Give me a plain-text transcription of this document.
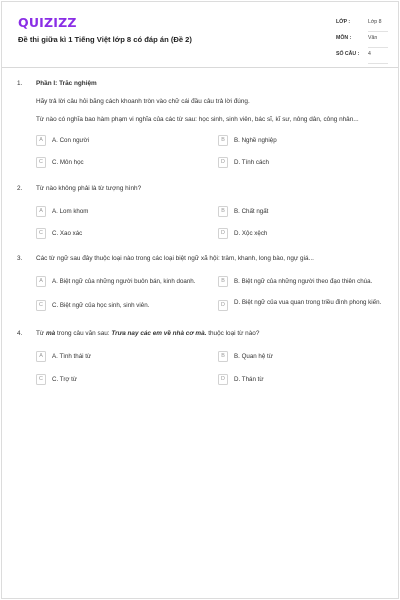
QUIZIZZ
Đề thi giữa kì 1 Tiếng Việt lớp 8 có đáp án (Đề 2)
LỚP :	Lớp 8
MÔN :	Văn
SỐ CÂU : 4
1. Phần I: Trắc nghiệm
Hãy trả lời câu hỏi bằng cách khoanh tròn vào chữ cái đầu câu trả lời đúng.
Từ nào có nghĩa bao hàm phạm vi nghĩa của các từ sau: học sinh, sinh viên, bác sĩ, kĩ sư, nông dân, công nhân...
A	A. Con người	B	B. Nghề nghiệp
C	C. Môn học	D	D. Tính cách
2. Từ nào không phải là từ tượng hình?
A	A. Lom khom	B	B. Chất ngất
C	C. Xao xác	D	D. Xộc xệch
3. Các từ ngữ sau đây thuộc loại nào trong các loại biệt ngữ xã hội: trẫm, khanh, long bào, ngự giá...
A	A. Biệt ngữ của những người buôn bán, kinh doanh.	B	B. Biệt ngữ của những người theo đạo thiên chúa.
C	C. Biệt ngữ của học sinh, sinh viên.	D	D. Biệt ngữ của vua quan trong triều đình phong kiến.
4. Từ mà trong câu văn sau: Trưa nay các em về nhà cơ mà. thuộc loại từ nào?
A	A. Tình thái từ	B	B. Quan hệ từ
C	C. Trợ từ	D	D. Thán từ
